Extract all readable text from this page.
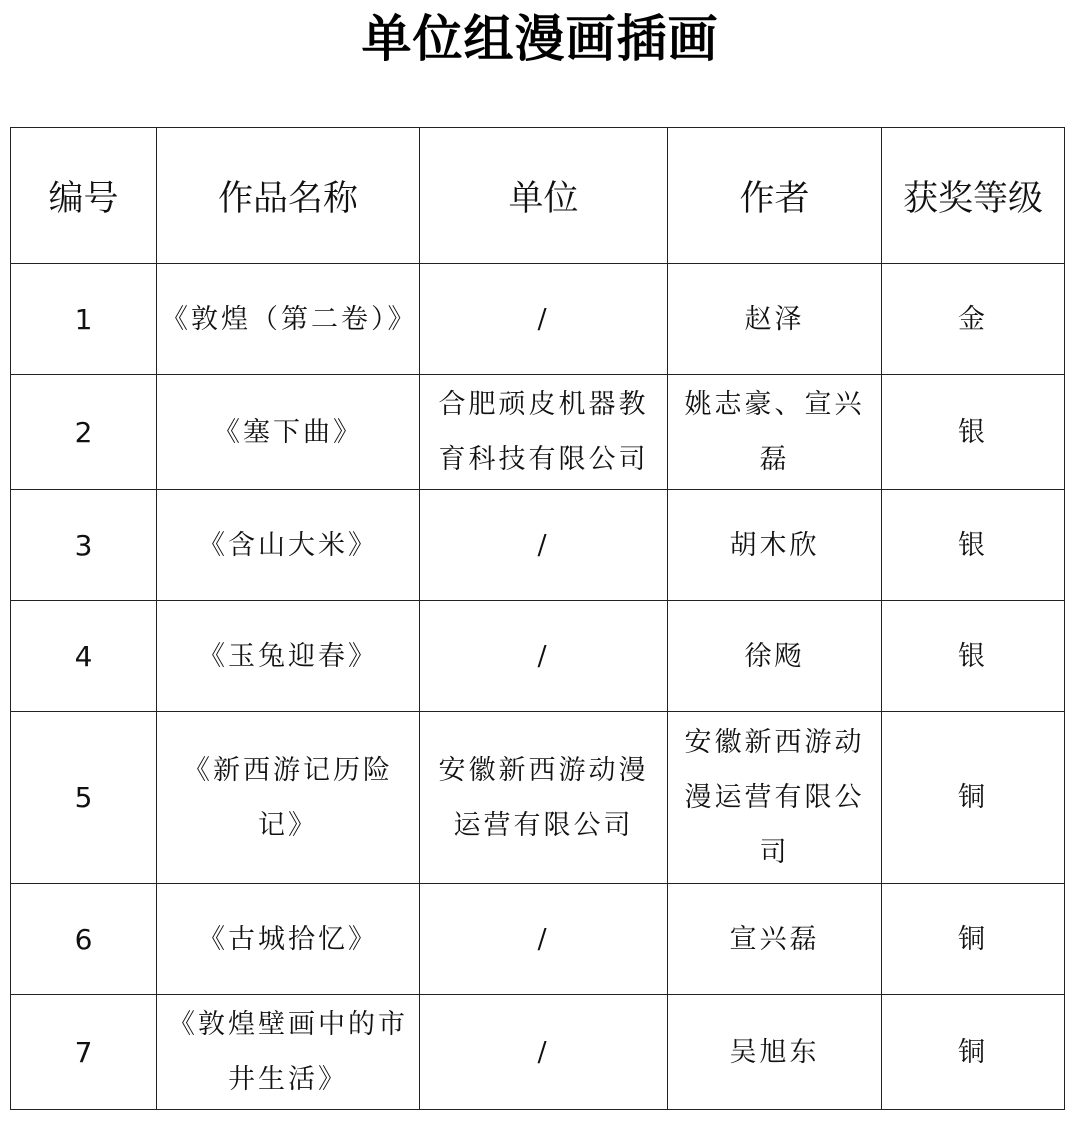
单位组漫画插画
编号	作品名称	单位	作者	获奖等级
1	《敦煌（第二卷）》	/	赵泽	金
2	《塞下曲》	合肥顽皮机器教育科技有限公司	姚志豪、宣兴磊	银
3	《含山大米》	/	胡木欣	银
4	《玉兔迎春》	/	徐飏	银
5	《新西游记历险记》	安徽新西游动漫运营有限公司	安徽新西游动漫运营有限公司	铜
6	《古城拾忆》	/	宣兴磊	铜
7	《敦煌壁画中的市井生活》	/	吴旭东	铜
